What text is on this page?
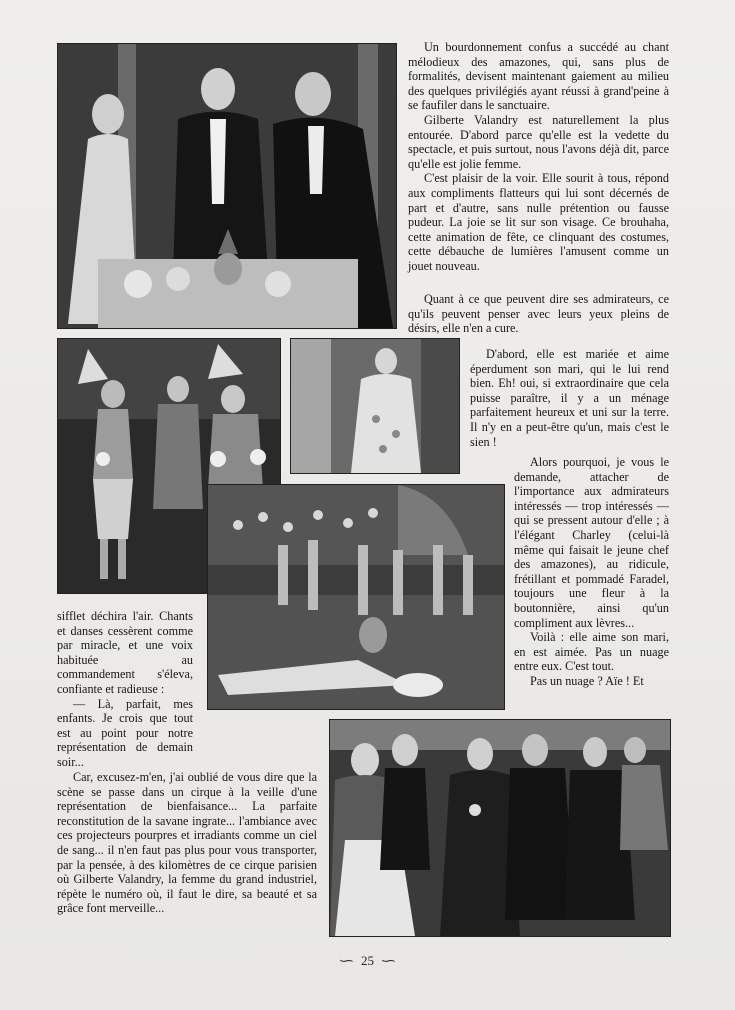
Un bourdonnement confus a succédé au chant mélodieux des amazones, qui, sans plus de formalités, devisent maintenant gaiement au milieu des quelques privilégiés ayant réussi à grand'peine à se faufiler dans le sanctuaire.

Gilberte Valandry est naturellement la plus entourée. D'abord parce qu'elle est la vedette du spectacle, et puis surtout, nous l'avons déjà dit, parce qu'elle est jolie femme.

C'est plaisir de la voir. Elle sourit à tous, répond aux compliments flatteurs qui lui sont décernés de part et d'autre, sans nulle prétention ou fausse pudeur. La joie se lit sur son visage. Ce brouhaha, cette animation de fête, ce clinquant des costumes, cette débauche de lumières l'amusent comme un jouet nouveau.

Quant à ce que peuvent dire ses admirateurs, ce qu'ils peuvent penser avec leurs yeux pleins de désirs, elle n'en a cure.

D'abord, elle est mariée et aime éperdument son mari, qui le lui rend bien. Eh! oui, si extraordinaire que cela puisse paraître, il y a un ménage parfaitement heureux et uni sur la terre. Il n'y en a peut-être qu'un, mais c'est le sien !

Alors pourquoi, je vous le demande, attacher de l'importance aux admirateurs intéressés — trop intéressés — qui se pressent autour d'elle ; à l'élégant Charley (celui-là même qui faisait le jeune chef des amazones), au ridicule, frétillant et pommadé Faradel, toujours une fleur à la boutonnière, ainsi qu'un compliment aux lèvres...

Voilà : elle aime son mari, en est aimée. Pas un nuage entre eux. C'est tout.

Pas un nuage ? Aïe ! Et

sifflet déchira l'air. Chants et danses cessèrent comme par miracle, et une voix habituée au commandement s'éleva, confiante et radieuse :

— Là, parfait, mes enfants. Je crois que tout est au point pour notre représentation de demain soir...

Car, excusez-m'en, j'ai oublié de vous dire que la scène se passe dans un cirque à la veille d'une représentation de bienfaisance... La parfaite reconstitution de la savane ingrate... l'ambiance avec ces projecteurs pourpres et irradiants comme un ciel de sang... il n'en faut pas plus pour vous transporter, par la pensée, à des kilomètres de ce cirque parisien où Gilberte Valandry, la femme du grand industriel, répète le numéro où, il faut le dire, sa beauté et sa grâce font merveille...

∽ 25 ∽
